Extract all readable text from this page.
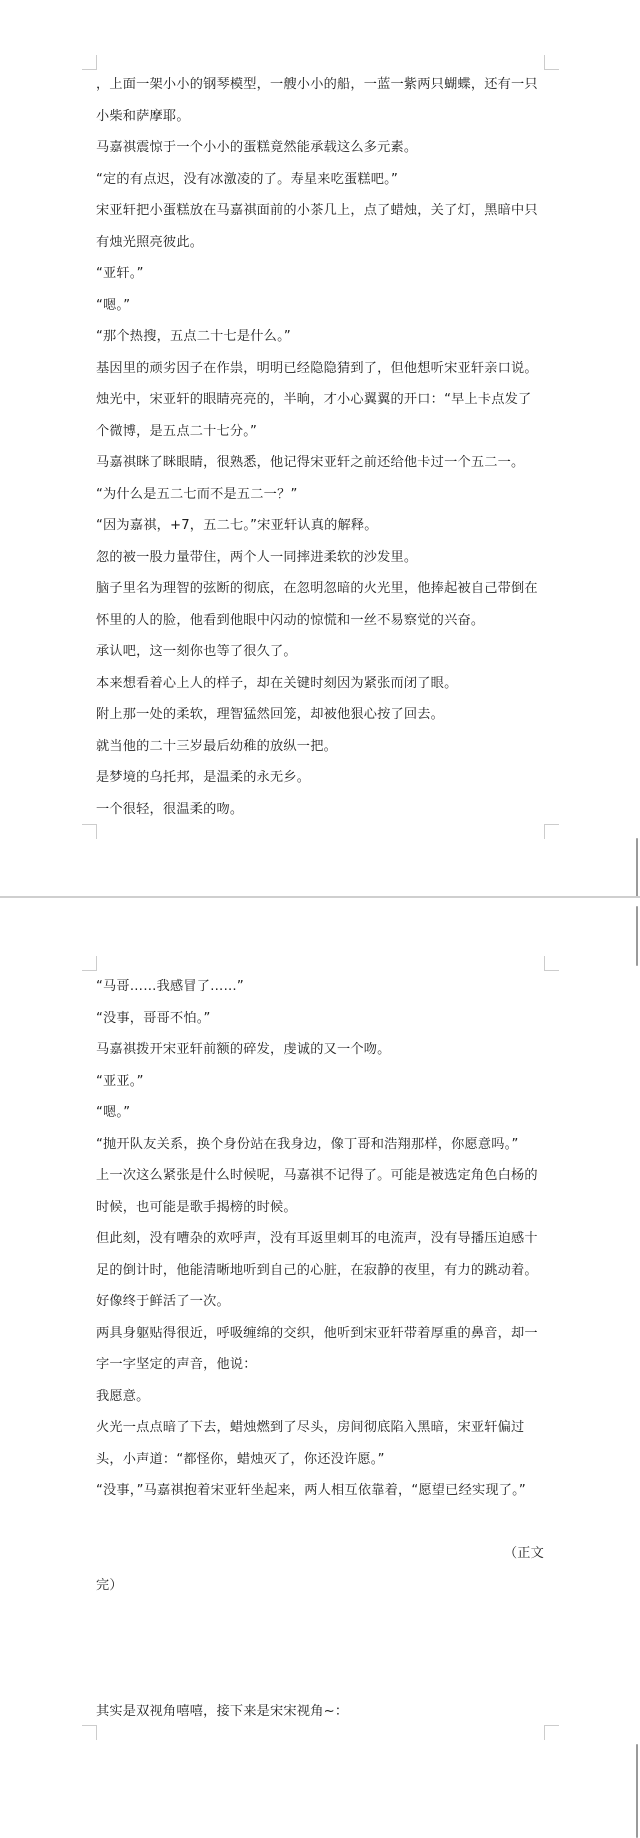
，上面一架小小的钢琴模型，一艘小小的船，一蓝一紫两只蝴蝶，还有一只小柴和萨摩耶。

马嘉祺震惊于一个小小的蛋糕竟然能承载这么多元素。

“定的有点迟，没有冰激凌的了。寿星来吃蛋糕吧。”

宋亚轩把小蛋糕放在马嘉祺面前的小茶几上，点了蜡烛，关了灯，黑暗中只有烛光照亮彼此。

“亚轩。”

“嗯。”

“那个热搜，五点二十七是什么。”

基因里的顽劣因子在作祟，明明已经隐隐猜到了，但他想听宋亚轩亲口说。

烛光中，宋亚轩的眼睛亮亮的，半晌，才小心翼翼的开口：“早上卡点发了个微博，是五点二十七分。”

马嘉祺眯了眯眼睛，很熟悉，他记得宋亚轩之前还给他卡过一个五二一。

“为什么是五二七而不是五二一？”

“因为嘉祺，+7，五二七。”宋亚轩认真的解释。

忽的被一股力量带住，两个人一同摔进柔软的沙发里。

脑子里名为理智的弦断的彻底，在忽明忽暗的火光里，他捧起被自己带倒在怀里的人的脸，他看到他眼中闪动的惊慌和一丝不易察觉的兴奋。

承认吧，这一刻你也等了很久了。

本来想看着心上人的样子，却在关键时刻因为紧张而闭了眼。

附上那一处的柔软，理智猛然回笼，却被他狠心按了回去。

就当他的二十三岁最后幼稚的放纵一把。

是梦境的乌托邦，是温柔的永无乡。

一个很轻，很温柔的吻。

“马哥……我感冒了……”

“没事，哥哥不怕。”

马嘉祺拨开宋亚轩前额的碎发，虔诚的又一个吻。

“亚亚。”

“嗯。”

“抛开队友关系，换个身份站在我身边，像丁哥和浩翔那样，你愿意吗。”

上一次这么紧张是什么时候呢，马嘉祺不记得了。可能是被选定角色白杨的时候，也可能是歌手揭榜的时候。

但此刻，没有嘈杂的欢呼声，没有耳返里刺耳的电流声，没有导播压迫感十足的倒计时，他能清晰地听到自己的心脏，在寂静的夜里，有力的跳动着。

好像终于鲜活了一次。

两具身躯贴得很近，呼吸缠绵的交织，他听到宋亚轩带着厚重的鼻音，却一字一字坚定的声音，他说：

我愿意。

火光一点点暗了下去，蜡烛燃到了尽头，房间彻底陷入黑暗，宋亚轩偏过头，小声道：“都怪你，蜡烛灭了，你还没许愿。”

“没事，”马嘉祺抱着宋亚轩坐起来，两人相互依靠着，“愿望已经实现了。”

（正文

完）

其实是双视角嘻嘻，接下来是宋宋视角~：
